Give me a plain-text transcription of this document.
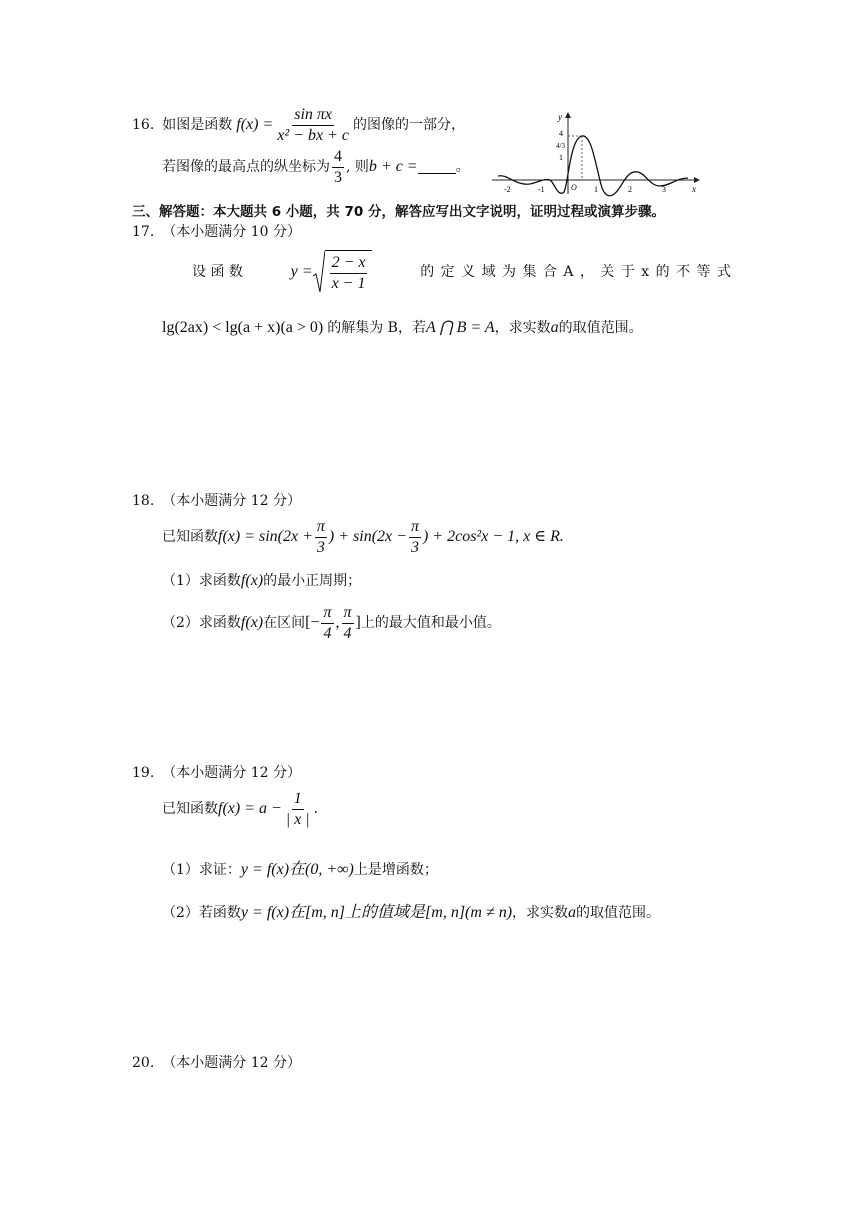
16. 如图是函数 $f(x) = \frac{\text{sin πx}}{\text{x² − bx + c}}$ 的图像的一部分，
若图像的最高点的纵坐标为 $\frac{4}{3}$ , 则 b + c =	。
y
x
O
4
4/3
1
-2	-1	1	2	3
三、解答题：本大题共 6 小题，共 70 分，解答应写出文字说明，证明过程或演算步骤。
17. （本小题满分 10 分）
设 函 数	$y = \frac{2 - x}{x - 1}$	的 定 义 域 为 集 合 A ， 关 于 x 的 不 等 式
lg(2ax) < lg(a + x)(a > 0) 的解集为 B，若 A ⋂ B = A ，求实数 a 的取值范围。
18. （本小题满分 12 分）
已知函数 $f(x) = \sin(2x + \frac{\pi}{3}$ ) + $\sin(2x - \frac{\pi}{3}$ ) + 2cos²x − 1, x ∈ R.
（1）求函数 f(x) 的最小正周期；
（2）求函数 f(x) 在区间 [− $\frac{\pi}{4}$ , $\frac{\pi}{4}$ ] 上的最大值和最小值。
19. （本小题满分 12 分）
已知函数 $f(x) = a - \frac{1}{| x |}$ .
（1）求证： y = f(x)在(0, +∞) 上是增函数；
（2）若函数 y = f(x)在[m, n]上的值域是[m, n](m ≠ n) ，求实数 a 的取值范围。
20. （本小题满分 12 分）
